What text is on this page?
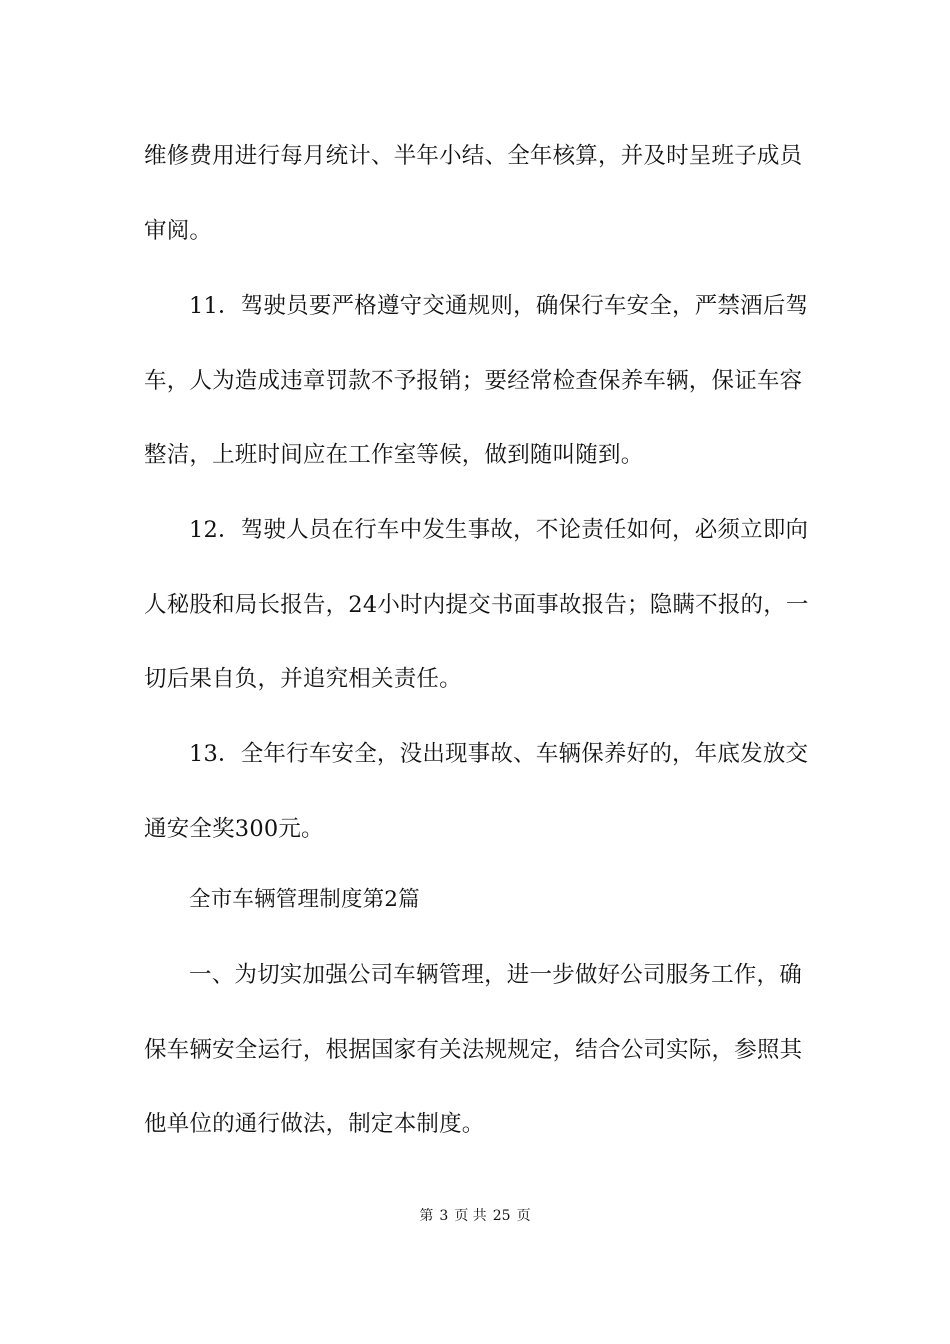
维修费用进行每月统计、半年小结、全年核算，并及时呈班子成员
审阅。
11．驾驶员要严格遵守交通规则，确保行车安全，严禁酒后驾
车，人为造成违章罚款不予报销；要经常检查保养车辆，保证车容
整洁，上班时间应在工作室等候，做到随叫随到。
12．驾驶人员在行车中发生事故，不论责任如何，必须立即向
人秘股和局长报告，24小时内提交书面事故报告；隐瞒不报的，一
切后果自负，并追究相关责任。
13．全年行车安全，没出现事故、车辆保养好的，年底发放交
通安全奖300元。
全市车辆管理制度第2篇
一、为切实加强公司车辆管理，进一步做好公司服务工作，确
保车辆安全运行，根据国家有关法规规定，结合公司实际，参照其
他单位的通行做法，制定本制度。
第 3 页 共 25 页
